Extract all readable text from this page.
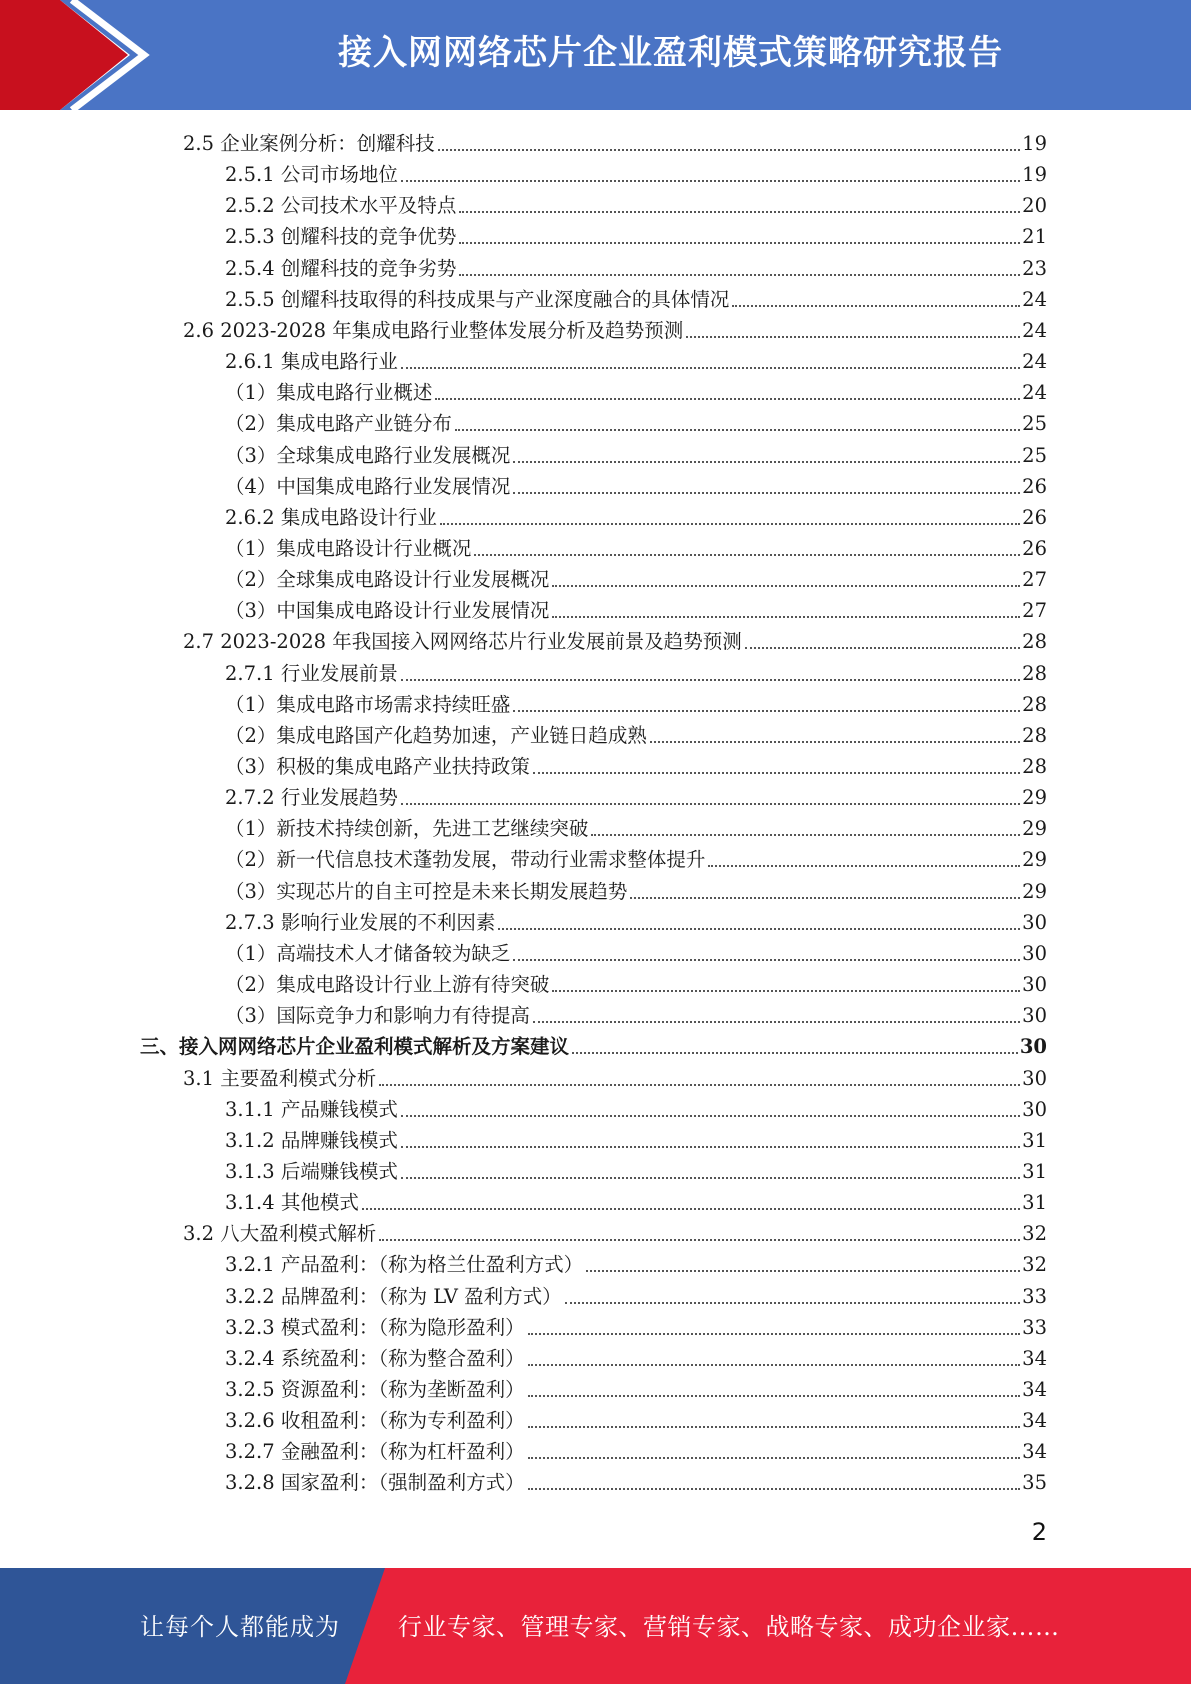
接入网网络芯片企业盈利模式策略研究报告
2.5 企业案例分析：创耀科技	19
2.5.1 公司市场地位	19
2.5.2 公司技术水平及特点	20
2.5.3 创耀科技的竞争优势	21
2.5.4 创耀科技的竞争劣势	23
2.5.5 创耀科技取得的科技成果与产业深度融合的具体情况	24
2.6 2023-2028 年集成电路行业整体发展分析及趋势预测	24
2.6.1 集成电路行业	24
（1）集成电路行业概述	24
（2）集成电路产业链分布	25
（3）全球集成电路行业发展概况	25
（4）中国集成电路行业发展情况	26
2.6.2 集成电路设计行业	26
（1）集成电路设计行业概况	26
（2）全球集成电路设计行业发展概况	27
（3）中国集成电路设计行业发展情况	27
2.7 2023-2028 年我国接入网网络芯片行业发展前景及趋势预测	28
2.7.1 行业发展前景	28
（1）集成电路市场需求持续旺盛	28
（2）集成电路国产化趋势加速，产业链日趋成熟	28
（3）积极的集成电路产业扶持政策	28
2.7.2 行业发展趋势	29
（1）新技术持续创新，先进工艺继续突破	29
（2）新一代信息技术蓬勃发展，带动行业需求整体提升	29
（3）实现芯片的自主可控是未来长期发展趋势	29
2.7.3 影响行业发展的不利因素	30
（1）高端技术人才储备较为缺乏	30
（2）集成电路设计行业上游有待突破	30
（3）国际竞争力和影响力有待提高	30
三、接入网网络芯片企业盈利模式解析及方案建议	30
3.1 主要盈利模式分析	30
3.1.1 产品赚钱模式	30
3.1.2 品牌赚钱模式	31
3.1.3 后端赚钱模式	31
3.1.4 其他模式	31
3.2 八大盈利模式解析	32
3.2.1 产品盈利：（称为格兰仕盈利方式）	32
3.2.2 品牌盈利：（称为 LV 盈利方式）	33
3.2.3 模式盈利：（称为隐形盈利）	33
3.2.4 系统盈利：（称为整合盈利）	34
3.2.5 资源盈利：（称为垄断盈利）	34
3.2.6 收租盈利：（称为专利盈利）	34
3.2.7 金融盈利：（称为杠杆盈利）	34
3.2.8 国家盈利：（强制盈利方式）	35
2
让每个人都能成为 行业专家、管理专家、营销专家、战略专家、成功企业家……
